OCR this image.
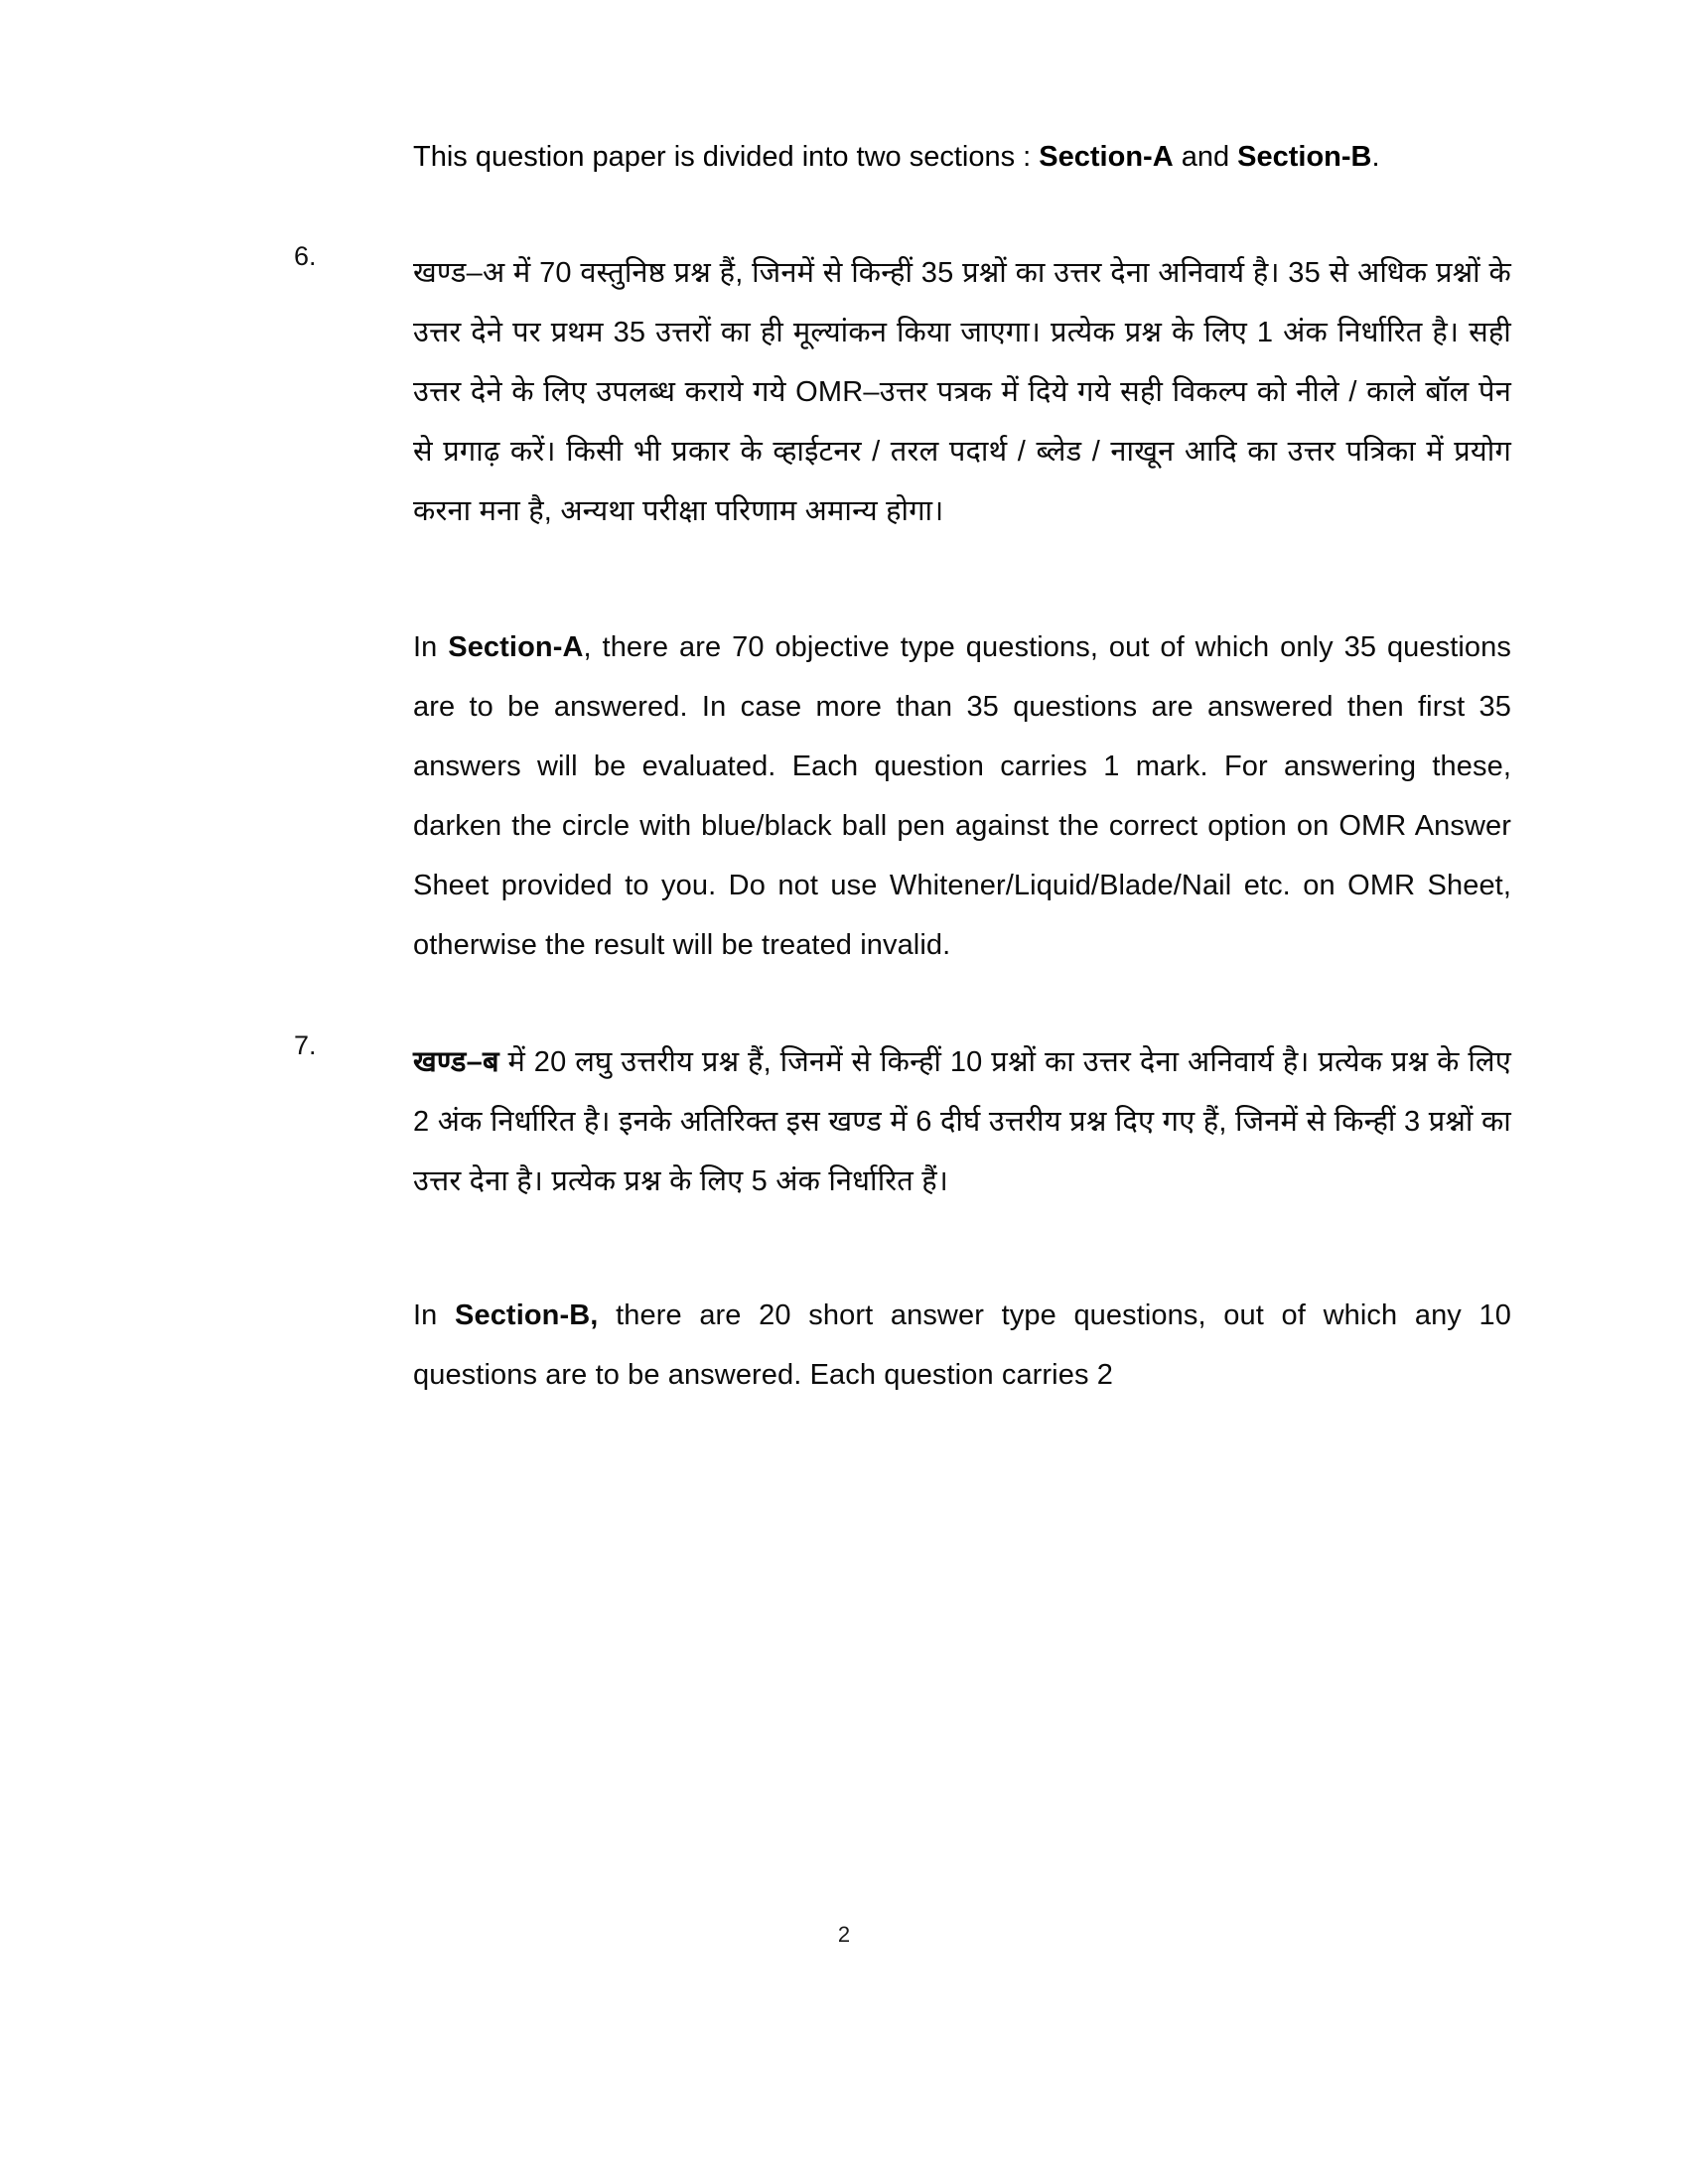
This question paper is divided into two sections : Section-A and Section-B.
6.
खण्ड–अ में 70 वस्तुनिष्ठ प्रश्न हैं, जिनमें से किन्हीं 35 प्रश्नों का उत्तर देना अनिवार्य है। 35 से अधिक प्रश्नों के उत्तर देने पर प्रथम 35 उत्तरों का ही मूल्यांकन किया जाएगा। प्रत्येक प्रश्न के लिए 1 अंक निर्धारित है। सही उत्तर देने के लिए उपलब्ध कराये गये OMR–उत्तर पत्रक में दिये गये सही विकल्प को नीले / काले बॉल पेन से प्रगाढ़ करें। किसी भी प्रकार के व्हाईटनर / तरल पदार्थ / ब्लेड / नाखून आदि का उत्तर पत्रिका में प्रयोग करना मना है, अन्यथा परीक्षा परिणाम अमान्य होगा।
In Section-A, there are 70 objective type questions, out of which only 35 questions are to be answered. In case more than 35 questions are answered then first 35 answers will be evaluated. Each question carries 1 mark. For answering these, darken the circle with blue/black ball pen against the correct option on OMR Answer Sheet provided to you. Do not use Whitener/Liquid/Blade/Nail etc. on OMR Sheet, otherwise the result will be treated invalid.
7.
खण्ड–ब में 20 लघु उत्तरीय प्रश्न हैं, जिनमें से किन्हीं 10 प्रश्नों का उत्तर देना अनिवार्य है। प्रत्येक प्रश्न के लिए 2 अंक निर्धारित है। इनके अतिरिक्त इस खण्ड में 6 दीर्घ उत्तरीय प्रश्न दिए गए हैं, जिनमें से किन्हीं 3 प्रश्नों का उत्तर देना है। प्रत्येक प्रश्न के लिए 5 अंक निर्धारित हैं।
In Section-B, there are 20 short answer type questions, out of which any 10 questions are to be answered. Each question carries 2
2
